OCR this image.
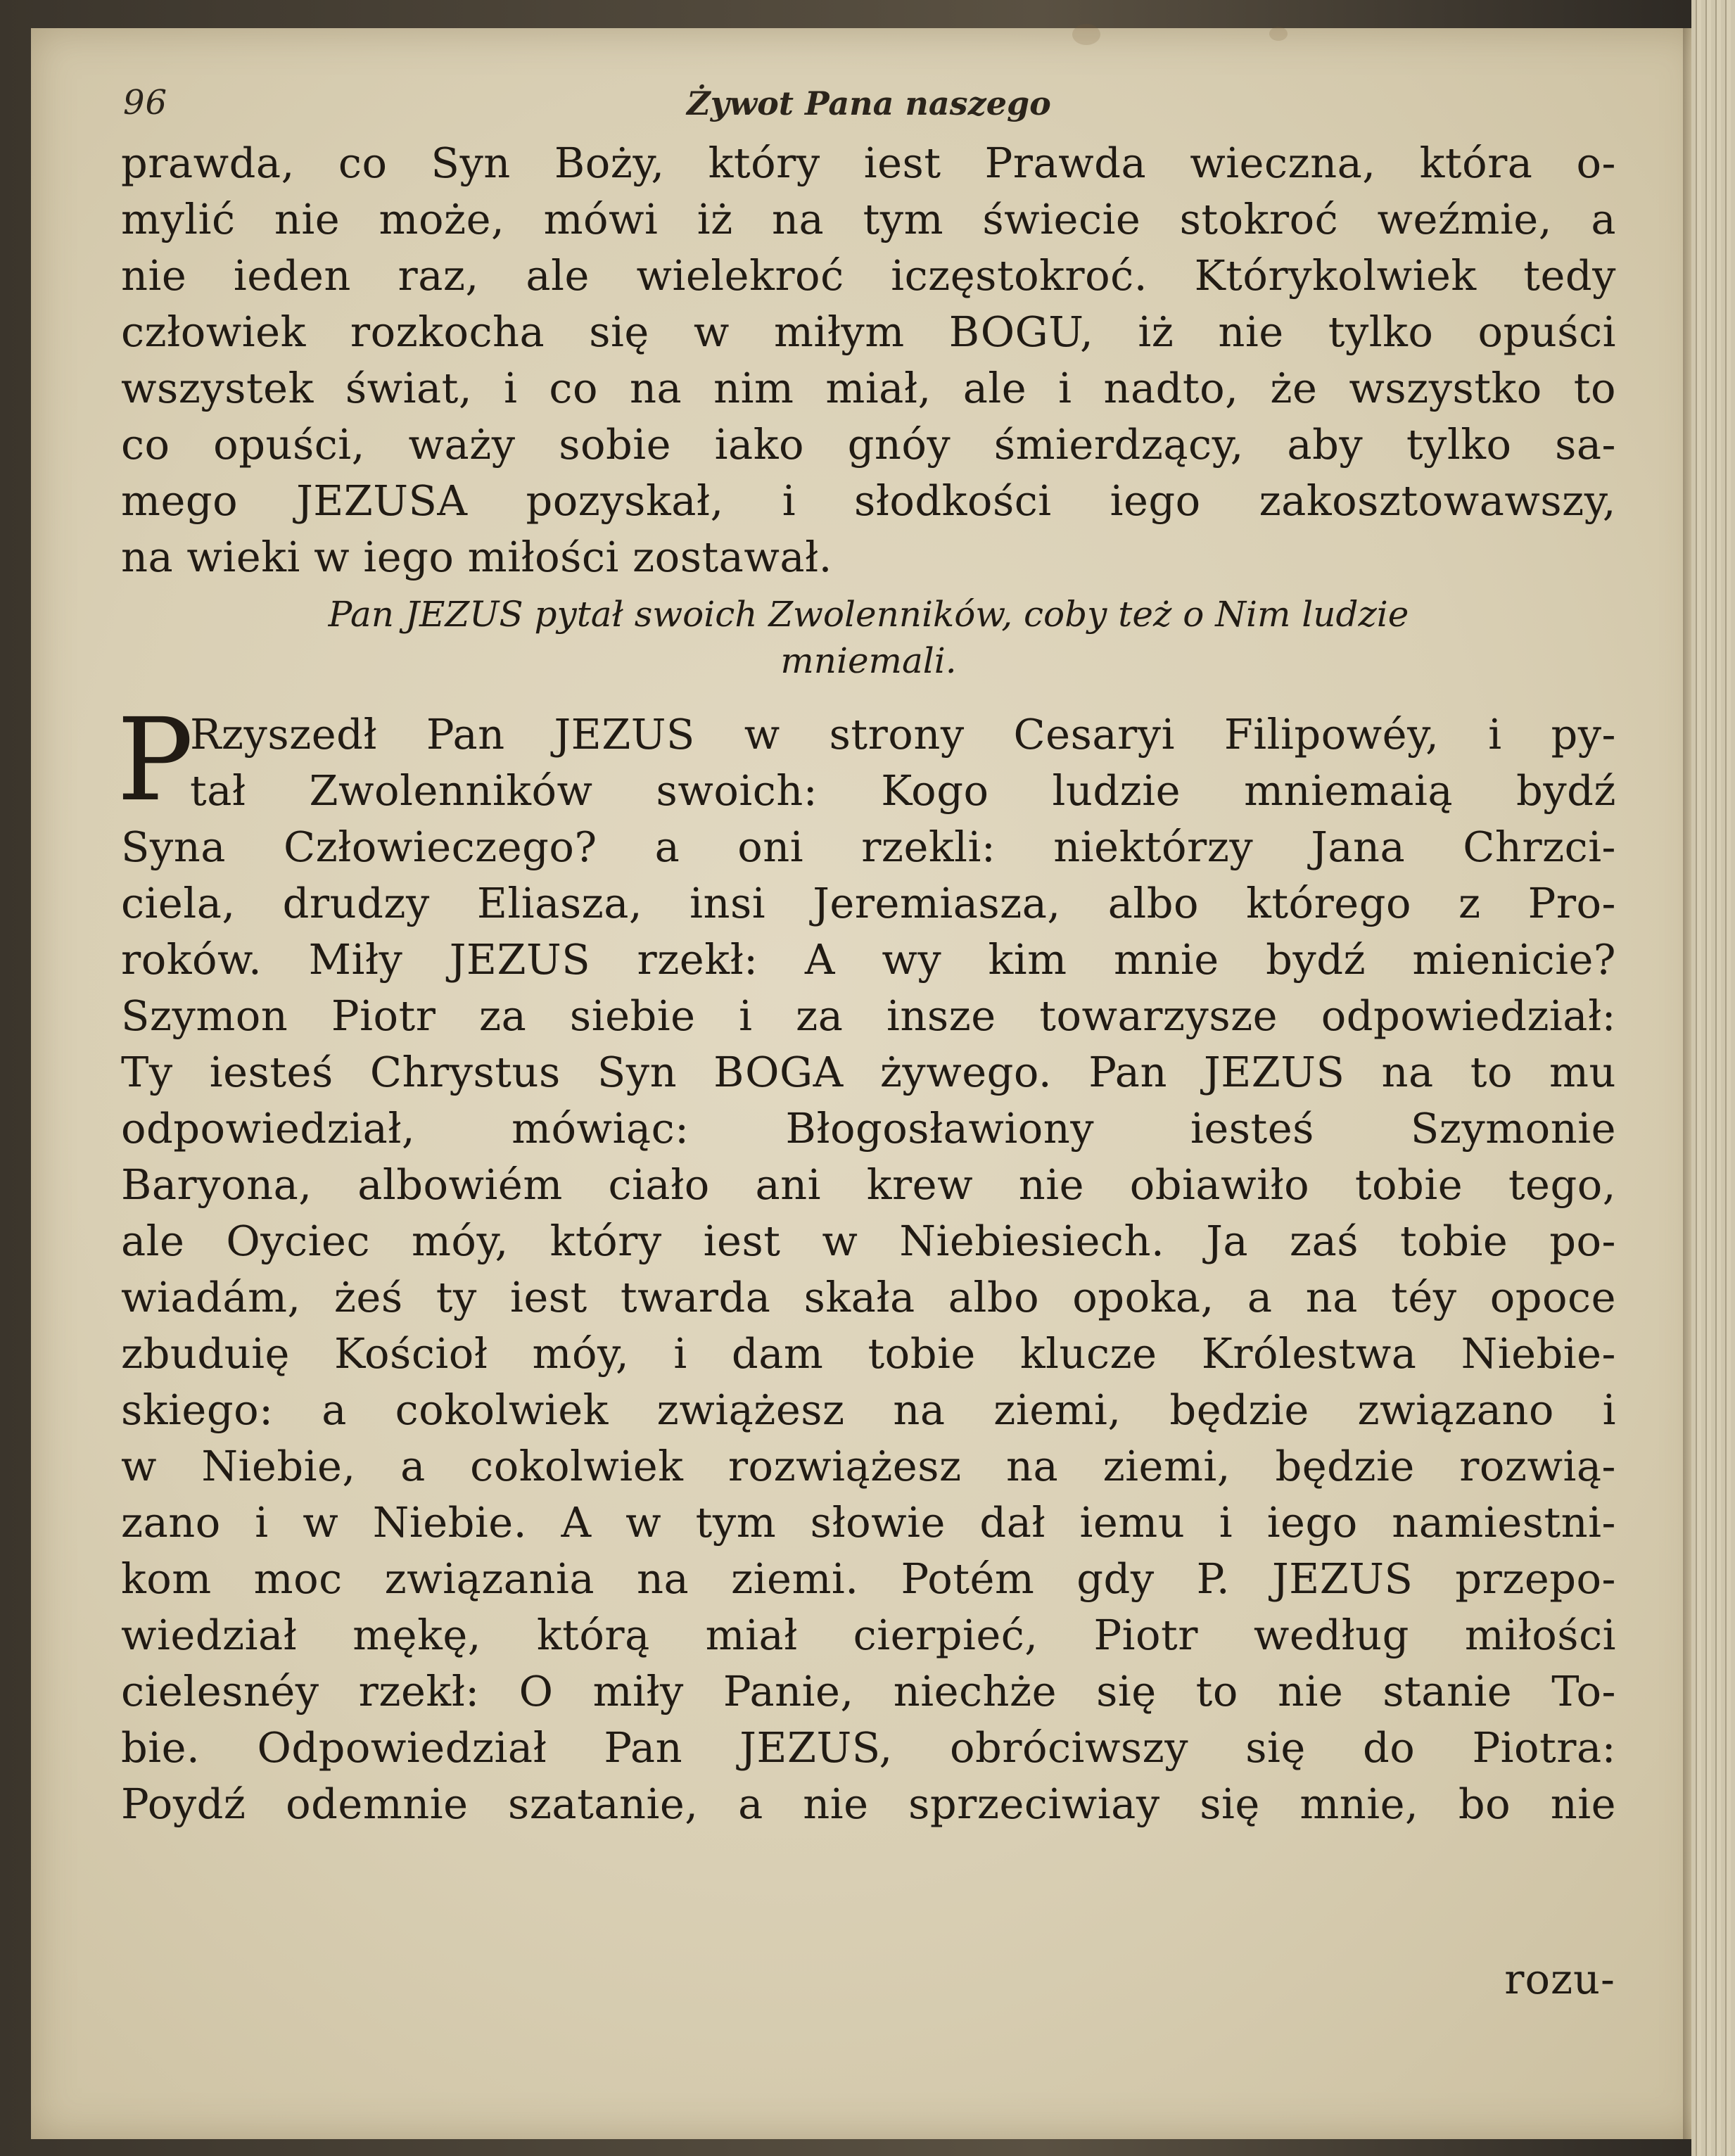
96	Żywot Pana naszego
prawda, co Syn Boży, który iest Prawda wieczna, która o-
mylić nie może, mówi iż na tym świecie stokroć weźmie, a
nie ieden raz, ale wielekroć iczęstokroć. Którykolwiek tedy
człowiek rozkocha się w miłym BOGU, iż nie tylko opuści
wszystek świat, i co na nim miał, ale i nadto, że wszystko to
co opuści, waży sobie iako gnóy śmierdzący, aby tylko sa-
mego JEZUSA pozyskał, i słodkości iego zakosztowawszy,
na wieki w iego miłości zostawał.
Pan JEZUS pytał swoich Zwolenników, coby też o Nim ludzie
mniemali.
P
Rzyszedł Pan JEZUS w strony Cesaryi Filipowéy, i py-
tał Zwolenników swoich: Kogo ludzie mniemaią bydź
Syna Człowieczego? a oni rzekli: niektórzy Jana Chrzci-
ciela, drudzy Eliasza, insi Jeremiasza, albo którego z Pro-
roków. Miły JEZUS rzekł: A wy kim mnie bydź mienicie?
Szymon Piotr za siebie i za insze towarzysze odpowiedział:
Ty iesteś Chrystus Syn BOGA żywego. Pan JEZUS na to mu
odpowiedział, mówiąc: Błogosławiony iesteś Szymonie
Baryona, albowiém ciało ani krew nie obiawiło tobie tego,
ale Oyciec móy, który iest w Niebiesiech. Ja zaś tobie po-
wiadám, żeś ty iest twarda skała albo opoka, a na téy opoce
zbuduię Kościoł móy, i dam tobie klucze Królestwa Niebie-
skiego: a cokolwiek zwiążesz na ziemi, będzie związano i
w Niebie, a cokolwiek rozwiążesz na ziemi, będzie rozwią-
zano i w Niebie. A w tym słowie dał iemu i iego namiestni-
kom moc związania na ziemi. Potém gdy P. JEZUS przepo-
wiedział mękę, którą miał cierpieć, Piotr według miłości
cielesnéy rzekł: O miły Panie, niechże się to nie stanie To-
bie. Odpowiedział Pan JEZUS, obróciwszy się do Piotra:
Poydź odemnie szatanie, a nie sprzeciwiay się mnie, bo nie
rozu-
